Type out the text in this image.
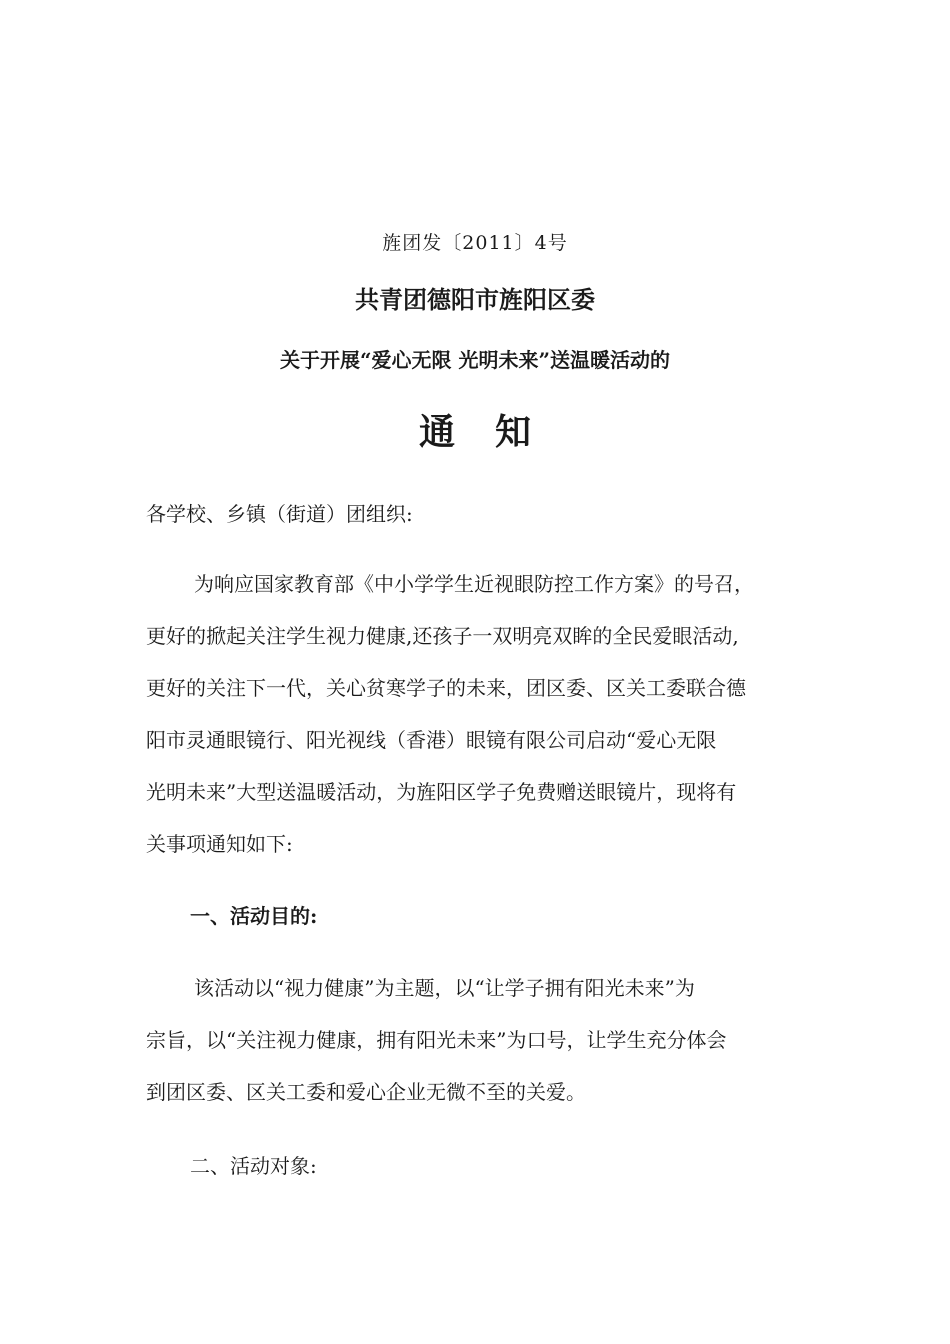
旌团发〔2011〕4号
共青团德阳市旌阳区委
关于开展“爱心无限 光明未来”送温暖活动的
通知
各学校、乡镇（街道）团组织:
为响应国家教育部《中小学学生近视眼防控工作方案》的号召，
更好的掀起关注学生视力健康,还孩子一双明亮双眸的全民爱眼活动,
更好的关注下一代，关心贫寒学子的未来，团区委、区关工委联合德
阳市灵通眼镜行、阳光视线（香港）眼镜有限公司启动“爱心无限
光明未来”大型送温暖活动，为旌阳区学子免费赠送眼镜片，现将有
关事项通知如下:
一、活动目的:
该活动以“视力健康”为主题，以“让学子拥有阳光未来”为
宗旨，以“关注视力健康，拥有阳光未来”为口号，让学生充分体会
到团区委、区关工委和爱心企业无微不至的关爱。
二、活动对象:
